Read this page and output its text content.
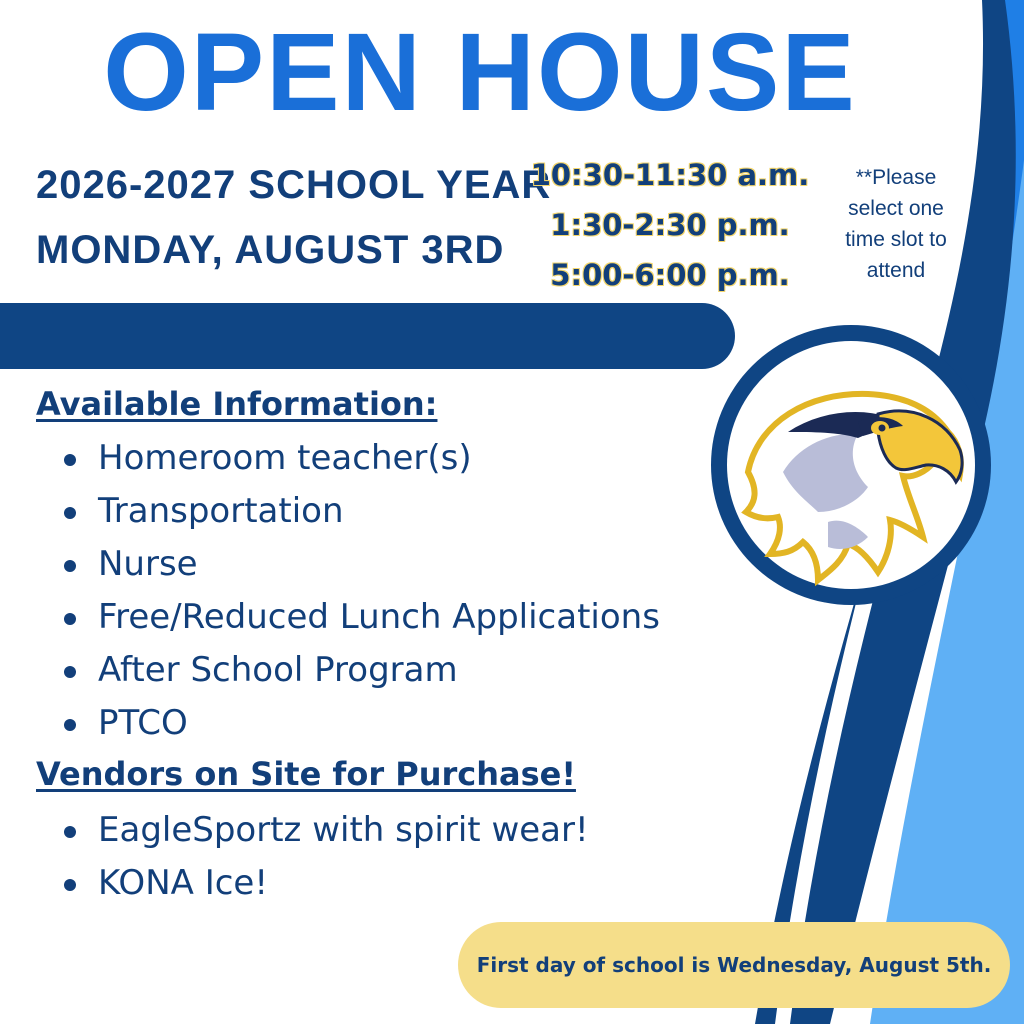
OPEN HOUSE
2026-2027 SCHOOL YEAR
MONDAY, AUGUST 3RD
10:30-11:30 a.m.
1:30-2:30 p.m.
5:00-6:00 p.m.
**Please select one time slot to attend
Available Information:
Homeroom teacher(s)
Transportation
Nurse
Free/Reduced Lunch Applications
After School Program
PTCO
Vendors on Site for Purchase!
EagleSportz with spirit wear!
KONA Ice!
First day of school is Wednesday, August 5th.
